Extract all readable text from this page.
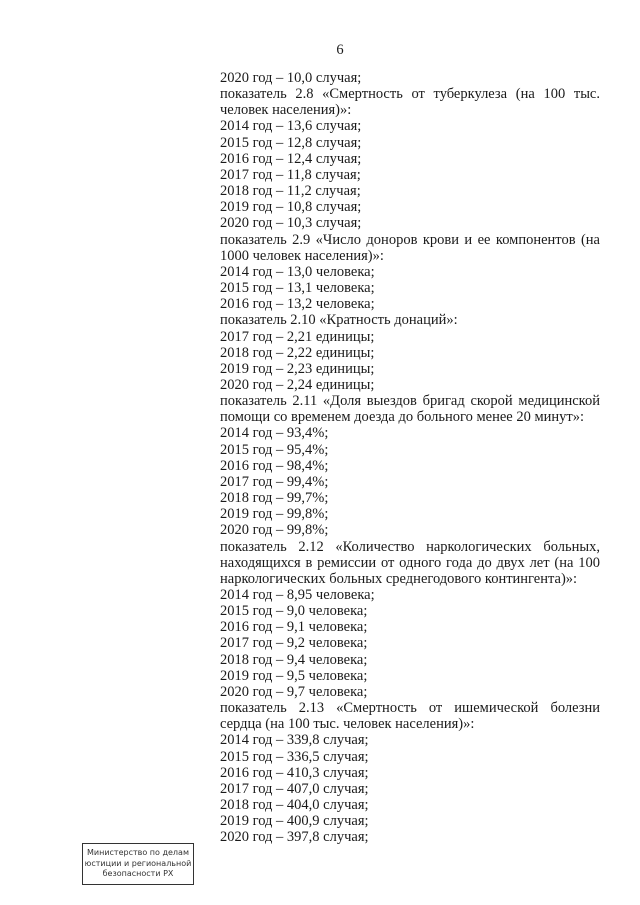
6
2020 год – 10,0 случая;
показатель 2.8 «Смертность от туберкулеза (на 100 тыс. человек населения)»:
2014 год – 13,6 случая;
2015 год – 12,8 случая;
2016 год – 12,4 случая;
2017 год – 11,8 случая;
2018 год – 11,2 случая;
2019 год – 10,8 случая;
2020 год – 10,3 случая;
показатель 2.9 «Число доноров крови и ее компонентов (на 1000 человек населения)»:
2014 год – 13,0 человека;
2015 год – 13,1 человека;
2016 год – 13,2 человека;
показатель 2.10 «Кратность донаций»:
2017 год – 2,21 единицы;
2018 год – 2,22 единицы;
2019 год – 2,23 единицы;
2020 год – 2,24 единицы;
показатель 2.11 «Доля выездов бригад скорой медицинской помощи со временем доезда до больного менее 20 минут»:
2014 год – 93,4%;
2015 год – 95,4%;
2016 год – 98,4%;
2017 год – 99,4%;
2018 год – 99,7%;
2019 год – 99,8%;
2020 год – 99,8%;
показатель 2.12 «Количество наркологических больных, находящихся в ремиссии от одного года до двух лет (на 100 наркологических больных среднегодового контингента)»:
2014 год – 8,95 человека;
2015 год – 9,0 человека;
2016 год – 9,1 человека;
2017 год – 9,2 человека;
2018 год – 9,4 человека;
2019 год – 9,5 человека;
2020 год – 9,7 человека;
показатель 2.13 «Смертность от ишемической болезни сердца (на 100 тыс. человек населения)»:
2014 год – 339,8 случая;
2015 год – 336,5 случая;
2016 год – 410,3 случая;
2017 год – 407,0 случая;
2018 год – 404,0 случая;
2019 год – 400,9 случая;
2020 год – 397,8 случая;
Министерство по делам
юстиции и региональной
безопасности РХ
